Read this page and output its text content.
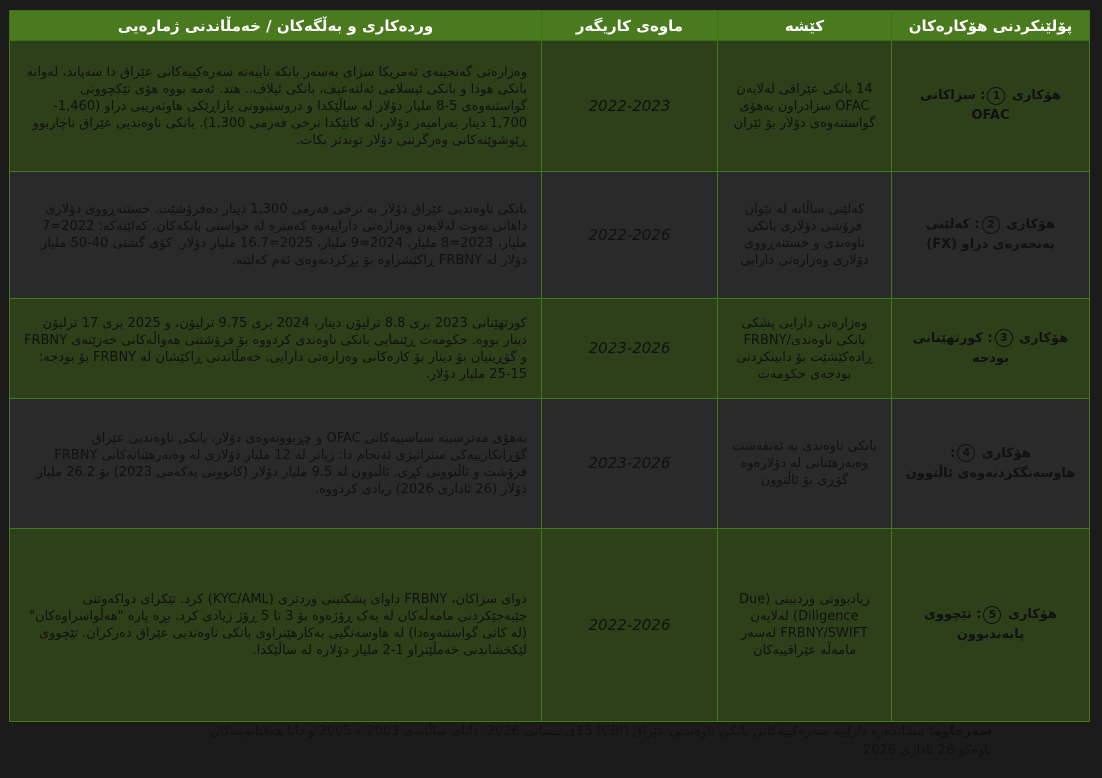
پۆلێنکردنی هۆکارەکان	کێشە	ماوەی کاریگەر	وردەکاری و بەڵگەکان / خەمڵاندنی ژمارەیی
هۆکاری 1: سزاکانی OFAC	14 بانکی عێراقی لەلایەن OFAC سزادراون بەهۆی گواستنەوەی دۆلار بۆ ئێران	2022-2023	وەزارەتی گەنجینەی ئەمریکا سزای بەسەر بانکە تایبەتە سەرەکییەکانی عێراق دا سەپاند، لەوانە بانکی هودا و بانکی ئیسلامی ئەلتەعیف، بانکی ئیلاف.. هتد. ئەمە بووە هۆی تێکچوونی گواستنەوەی 5-8 ملیار دۆلار لە ساڵێکدا و دروستبوونی بازاڕێکی هاوتەریبی دراو (1,460-1,700 دینار بەرامبەر دۆلار، لە کاتێکدا نرخی فەرمی 1,300). بانکی ناوەندیی عێراق ناچاربوو ڕێوشوێنەکانی وەرگرتنی دۆلار توندتر بکات.
هۆکاری 2: کەلێنی پەنجەرەی دراو (FX)	کەلێنی ساڵانە لە نێوان فرۆشی دۆلاری بانکی ناوەندی و خستنەڕووی دۆلاری وەزارەتی دارایی	2022-2026	بانکی ناوەندیی عێراق دۆلار بە نرخی فەرمی 1,300 دینار دەفرۆشێت. خستنەڕووی دۆلاری داهاتی نەوت لەلایەن وەزارەتی داراییەوە کەمترە لە خواستی بانکەکان. کەلێنەکە: 2022=7 ملیار، 2023=8 ملیار، 2024=9 ملیار، 2025=16.7 ملیار دۆلار. کۆی گشتی 40-50 ملیار دۆلار لە FRBNY ڕاکێشراوە بۆ پڕکردنەوەی ئەم کەلێنە.
هۆکاری 3: کورتهێنانی بودجە	وەزارەتی دارایی پشکی بانکی ناوەندی/FRBNY ڕادەکێشێت بۆ دابینکردنی بودجەی حکومەت	2023-2026	کورتهێنانی 2023 بری 8.8 ترلیۆن دینار، 2024 بری 9.75 ترلیۆن، و 2025 بری 17 ترلیۆن دینار بووە. حکومەت ڕێنمایی بانکی ناوەندی کردووە بۆ فرۆشتنی هەواڵەکانی خەزێنەی FRBNY و گۆڕینیان بۆ دینار بۆ کارەکانی وەزارەتی دارایی. خەمڵاندنی ڕاکێشان لە FRBNY بۆ بودجە: 15-25 ملیار دۆلار.
هۆکاری 4: هاوسەنگکردنەوەی ئاڵتوون	بانکی ناوەندی بە ئەنقەست وەبەرهێنانی لە دۆلارەوە گۆڕی بۆ ئاڵتوون	2023-2026	بەهۆی مەترسییە سیاسییەکانی OFAC و چڕبوونەوەی دۆلار، بانکی ناوەندیی عێراق گۆڕانکارییەکی ستراتیژی ئەنجام دا: زیاتر لە 12 ملیار دۆلاری لە وەبەرهێنانەکانی FRBNY فرۆشت و ئاڵتوونی کڕی. ئاڵتوون لە 9.5 ملیار دۆلار (کانوونی یەکەمی 2023) بۆ 26.2 ملیار دۆلار (26 ئاداری 2026) زیادی کردووە.
هۆکاری 5: تێچووی پابەندبوون	زیادبوونی وردبینی (Due Diligence) لەلایەن FRBNY/SWIFT لەسەر مامەڵە عێراقییەکان	2022-2026	دوای سزاکان، FRBNY داوای پشکنینی وردتری (KYC/AML) کرد. تێکرای دواکەوتنی جێبەجێکردنی مامەڵەکان لە یەک ڕۆژەوە بۆ 3 تا 5 ڕۆژ زیادی کرد. بڕە پارە "هەڵواسراوەکان" (لە کاتی گواستنەوەدا) لە هاوسەنگیی بەکارهێنراوی بانکی ناوەندیی عێراق دەرکران. تێچووی لێکخشاندنی خەمڵێنراو 1-2 ملیار دۆلارە لە ساڵێکدا.
سەرچاوە: نیشاندەرە داراییە سەرەکییەکانی بانکی ناوەندیی عێراق (CBI) 15ی نیسانی 2026، داتای ساڵانەی 2003 – 2005 و داتا هەفتانەییەکان
تاوەکو 26 ئاداری 2026
